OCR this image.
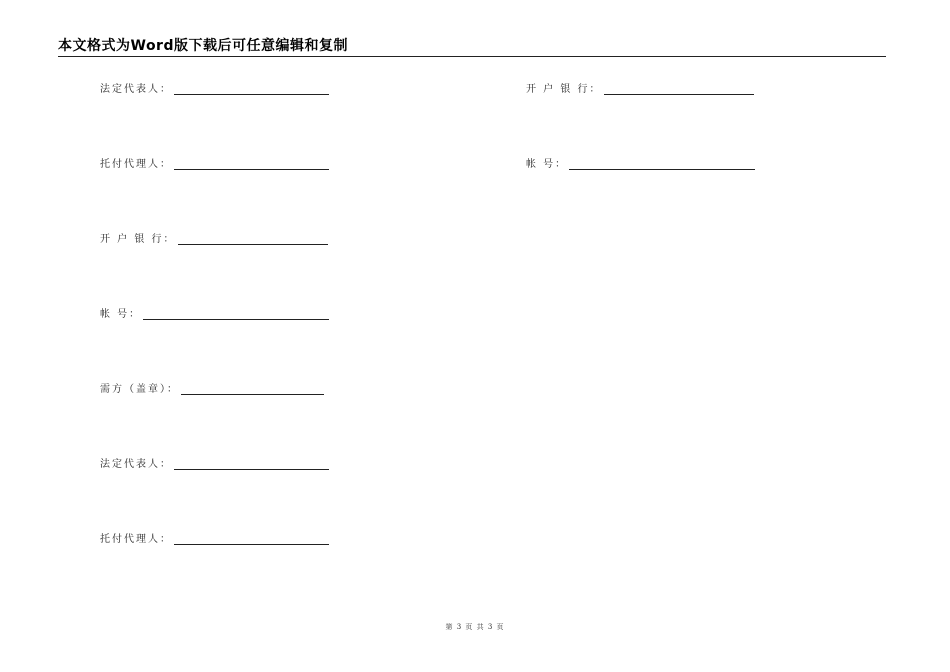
本文格式为Word版下载后可任意编辑和复制
法定代表人：
托付代理人：
开 户 银 行：
帐 号：
需方（盖章）：
法定代表人：
托付代理人：
开 户 银 行：
帐 号：
第 3 页 共 3 页
